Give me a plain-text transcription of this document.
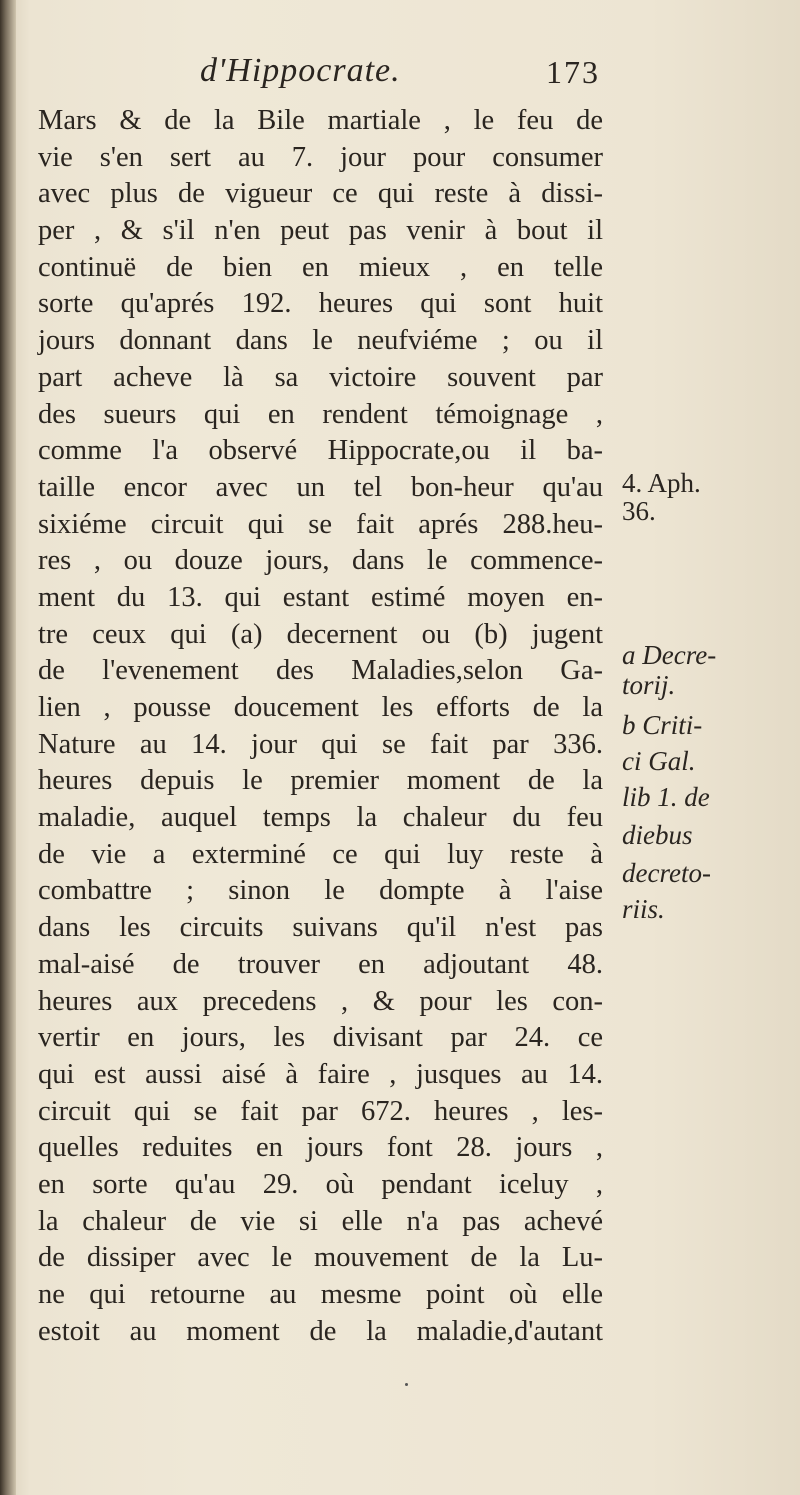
d'Hippocrate.	173
Mars & de la Bile martiale , le feu de
vie s'en sert au 7. jour pour consumer
avec plus de vigueur ce qui reste à dissi-
per , & s'il n'en peut pas venir à bout il
continuë de bien en mieux , en telle
sorte qu'aprés 192. heures qui sont huit
jours donnant dans le neufviéme ; ou il
part acheve là sa victoire souvent par
des sueurs qui en rendent témoignage ,
comme l'a observé Hippocrate,ou il ba-
taille encor avec un tel bon-heur qu'au
sixiéme circuit qui se fait aprés 288.heu-
res , ou douze jours, dans le commence-
ment du 13. qui estant estimé moyen en-
tre ceux qui (a) decernent ou (b) jugent
de l'evenement des Maladies,selon Ga-
lien , pousse doucement les efforts de la
Nature au 14. jour qui se fait par 336.
heures depuis le premier moment de la
maladie, auquel temps la chaleur du feu
de vie a exterminé ce qui luy reste à
combattre ; sinon le dompte à l'aise
dans les circuits suivans qu'il n'est pas
mal-aisé de trouver en adjoutant 48.
heures aux precedens , & pour les con-
vertir en jours, les divisant par 24. ce
qui est aussi aisé à faire , jusques au 14.
circuit qui se fait par 672. heures , les-
quelles reduites en jours font 28. jours ,
en sorte qu'au 29. où pendant iceluy ,
la chaleur de vie si elle n'a pas achevé
de dissiper avec le mouvement de la Lu-
ne qui retourne au mesme point où elle
estoit au moment de la maladie,d'autant
4. Aph.
36.
a Decre-
torij.
b Criti-
ci Gal.
lib 1. de
diebus
decreto-
riis.
